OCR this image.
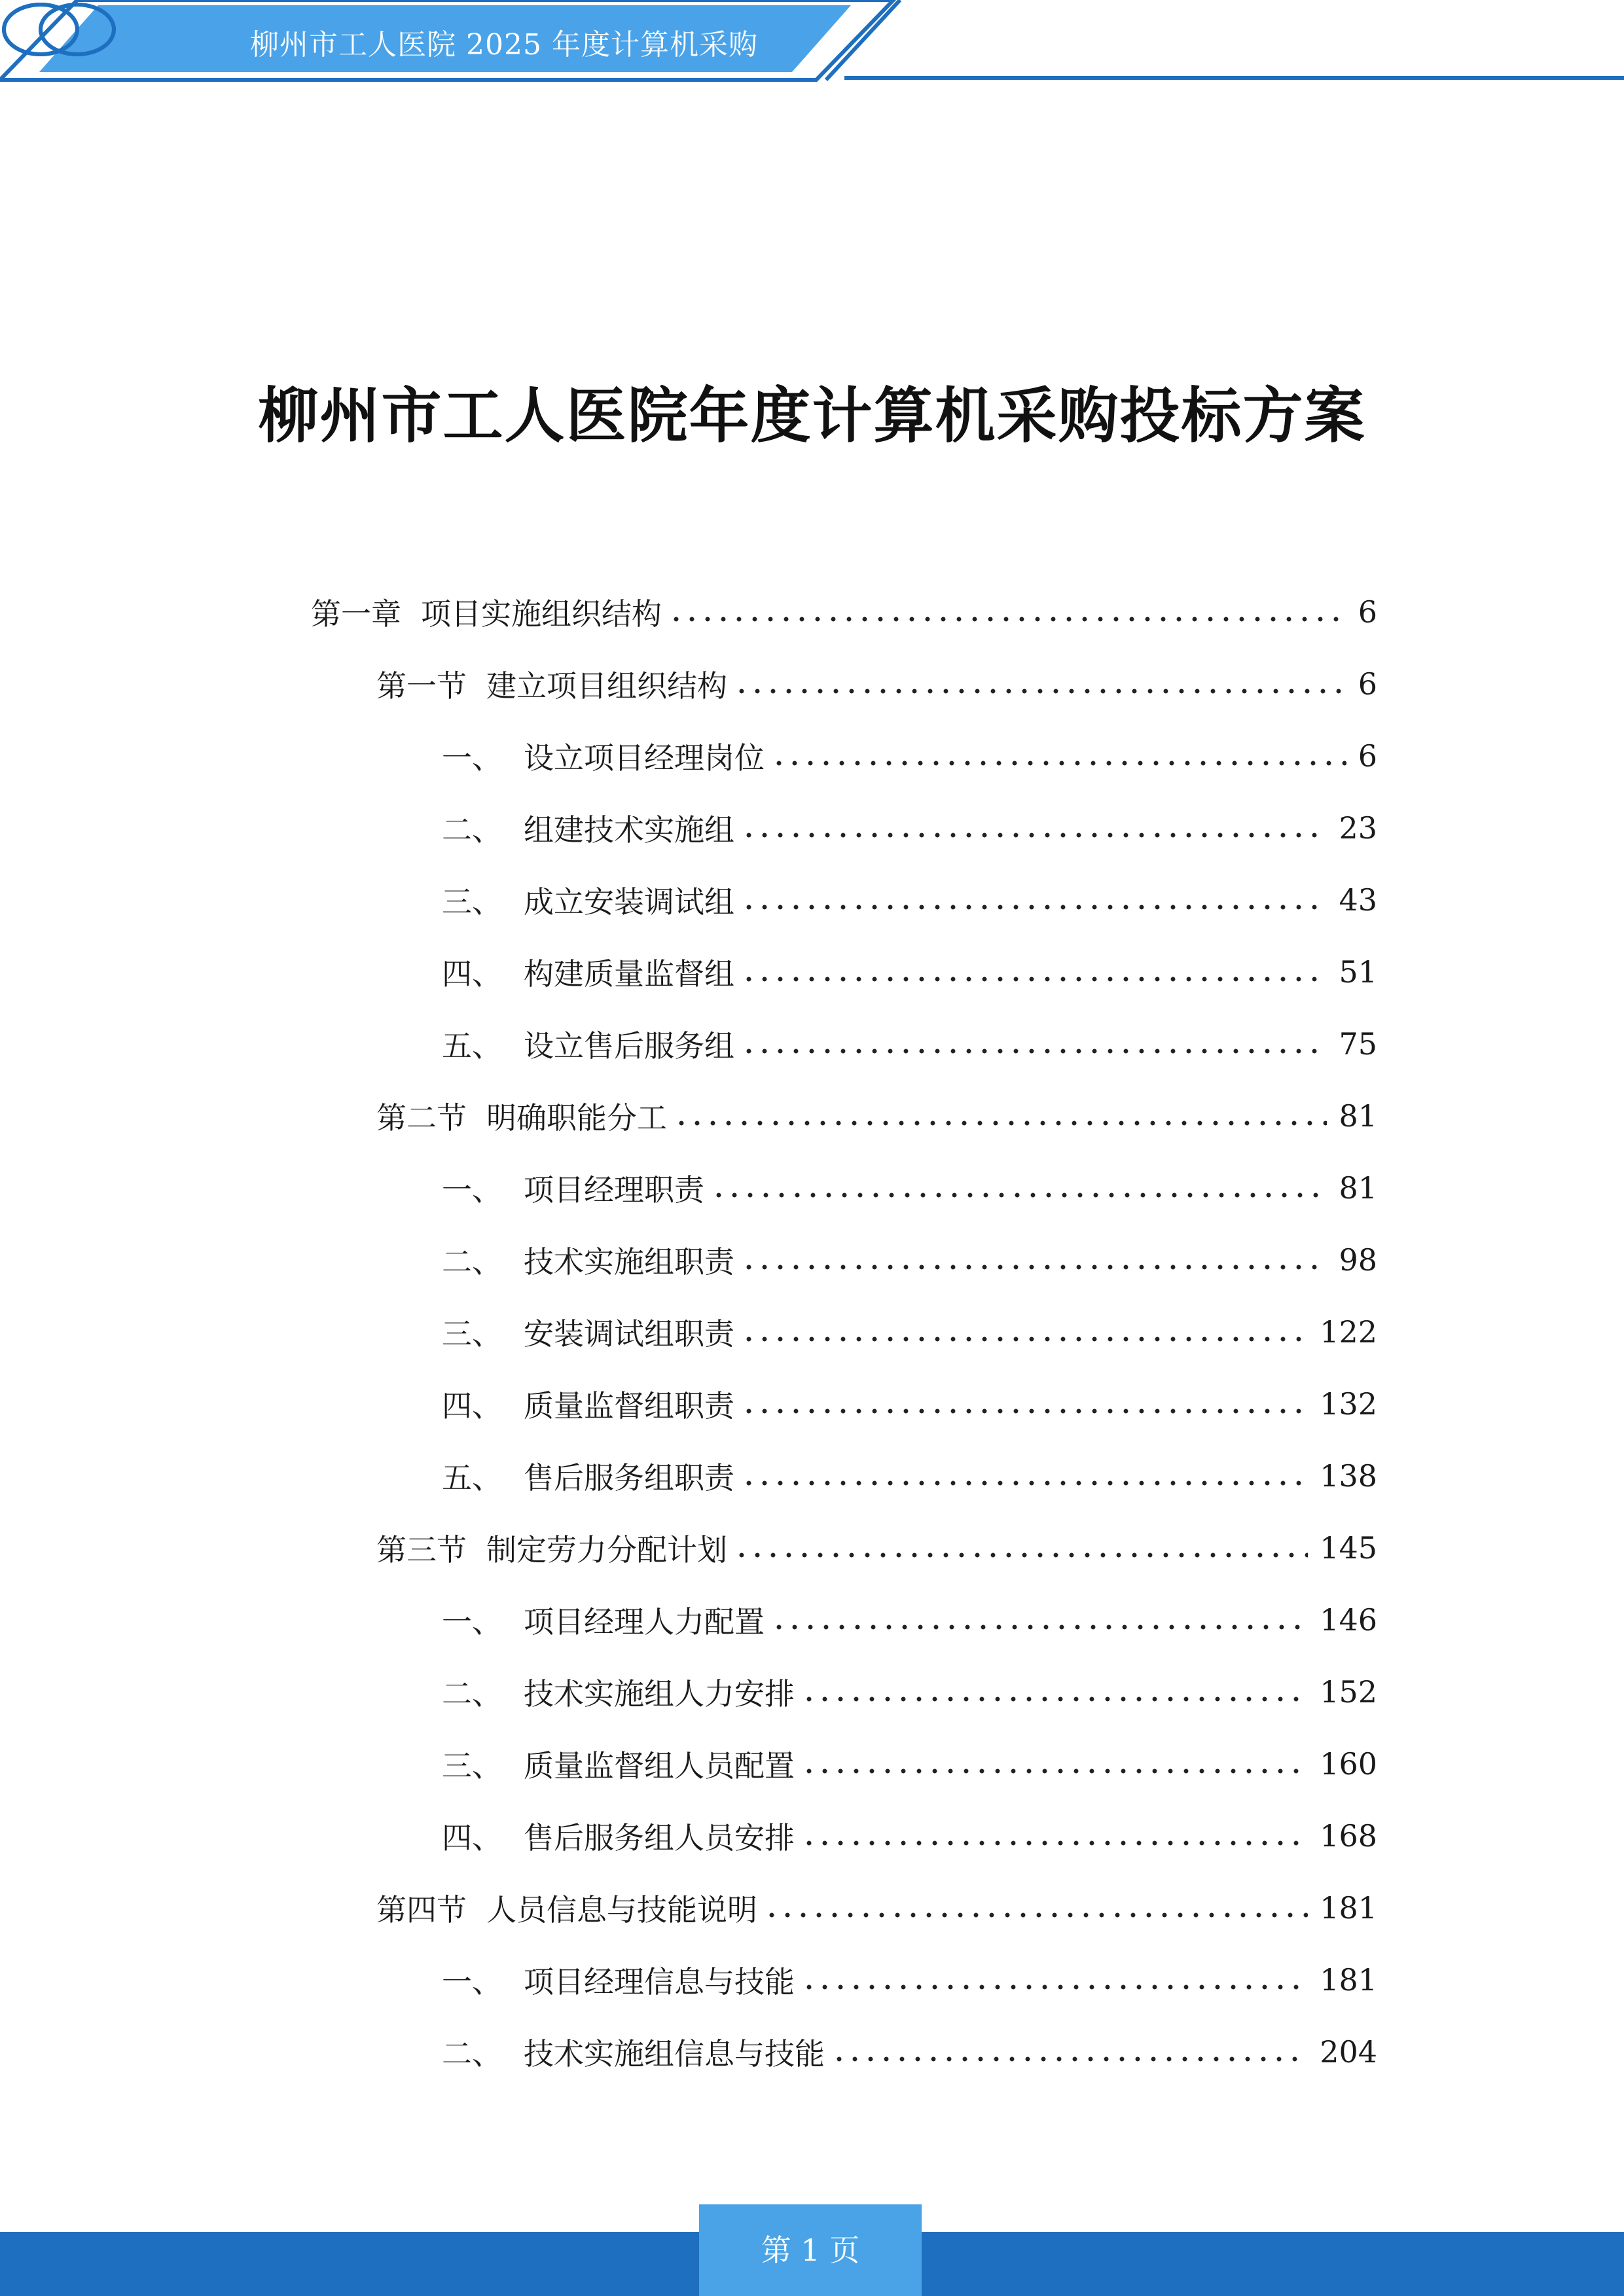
柳州市工人医院 2025 年度计算机采购
柳州市工人医院年度计算机采购投标方案
第一章 项目实施组织结构	6
第一节 建立项目组织结构	6
一、 设立项目经理岗位	6
二、 组建技术实施组	23
三、 成立安装调试组	43
四、 构建质量监督组	51
五、 设立售后服务组	75
第二节 明确职能分工	81
一、 项目经理职责	81
二、 技术实施组职责	98
三、 安装调试组职责	122
四、 质量监督组职责	132
五、 售后服务组职责	138
第三节 制定劳力分配计划	145
一、 项目经理人力配置	146
二、 技术实施组人力安排	152
三、 质量监督组人员配置	160
四、 售后服务组人员安排	168
第四节 人员信息与技能说明	181
一、 项目经理信息与技能	181
二、 技术实施组信息与技能	204
第 1 页
